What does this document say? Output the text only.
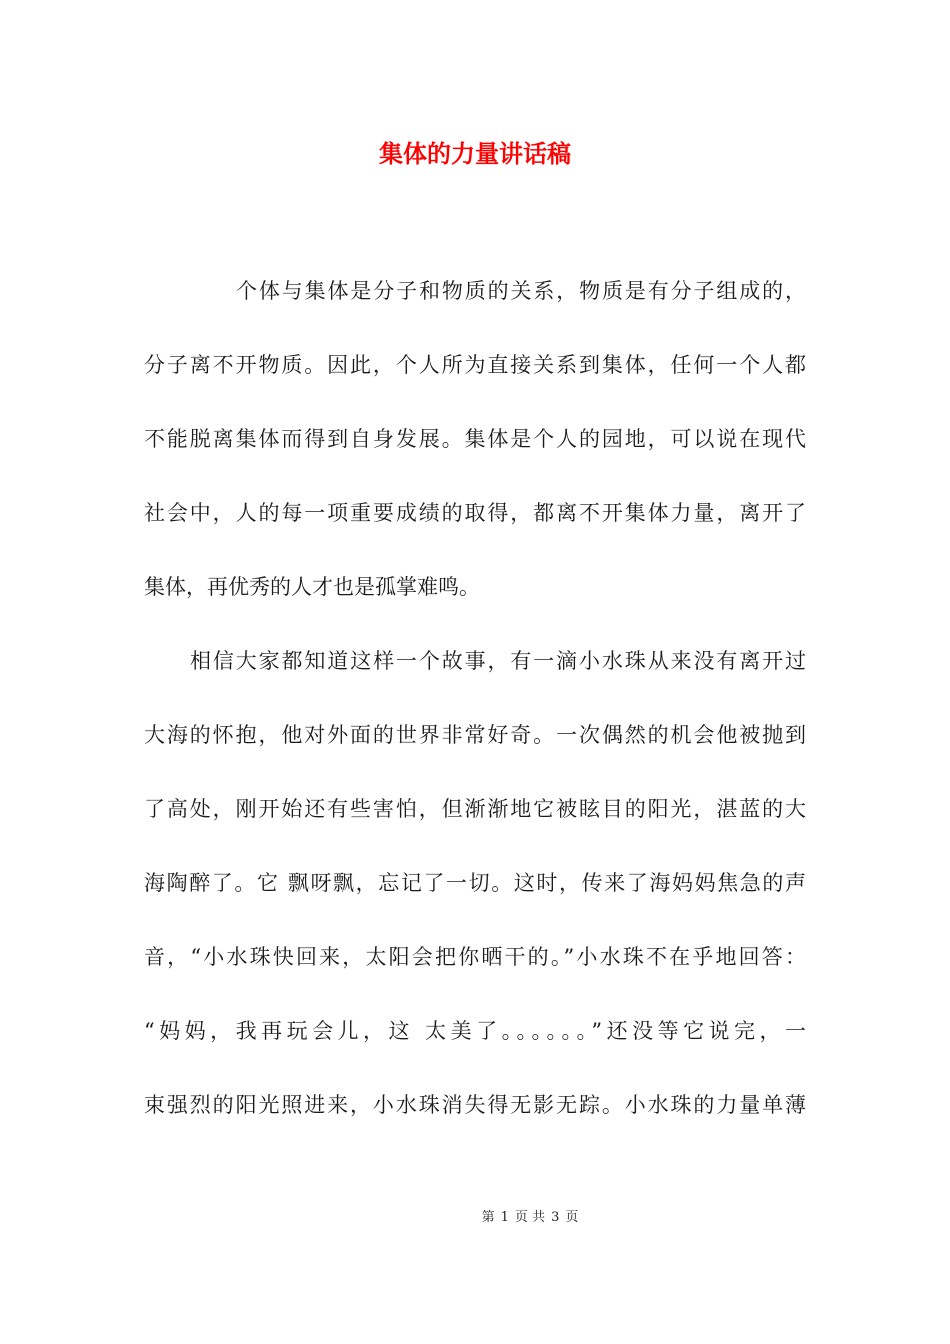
集体的力量讲话稿
个体与集体是分子和物质的关系，物质是有分子组成的，
分子离不开物质。因此，个人所为直接关系到集体，任何一个人都
不能脱离集体而得到自身发展。集体是个人的园地，可以说在现代
社会中，人的每一项重要成绩的取得，都离不开集体力量，离开了
集体，再优秀的人才也是孤掌难鸣。
相信大家都知道这样一个故事，有一滴小水珠从来没有离开过
大海的怀抱，他对外面的世界非常好奇。一次偶然的机会他被抛到
了高处，刚开始还有些害怕，但渐渐地它被眩目的阳光，湛蓝的大
海陶醉了。它 飘呀飘，忘记了一切。这时，传来了海妈妈焦急的声
音，“小水珠快回来，太阳会把你晒干的。”小水珠不在乎地回答：
“妈妈，我再玩会儿，这 太美了。。。。。。”还没等它说完，一
束强烈的阳光照进来，小水珠消失得无影无踪。小水珠的力量单薄
第 1 页 共 3 页
